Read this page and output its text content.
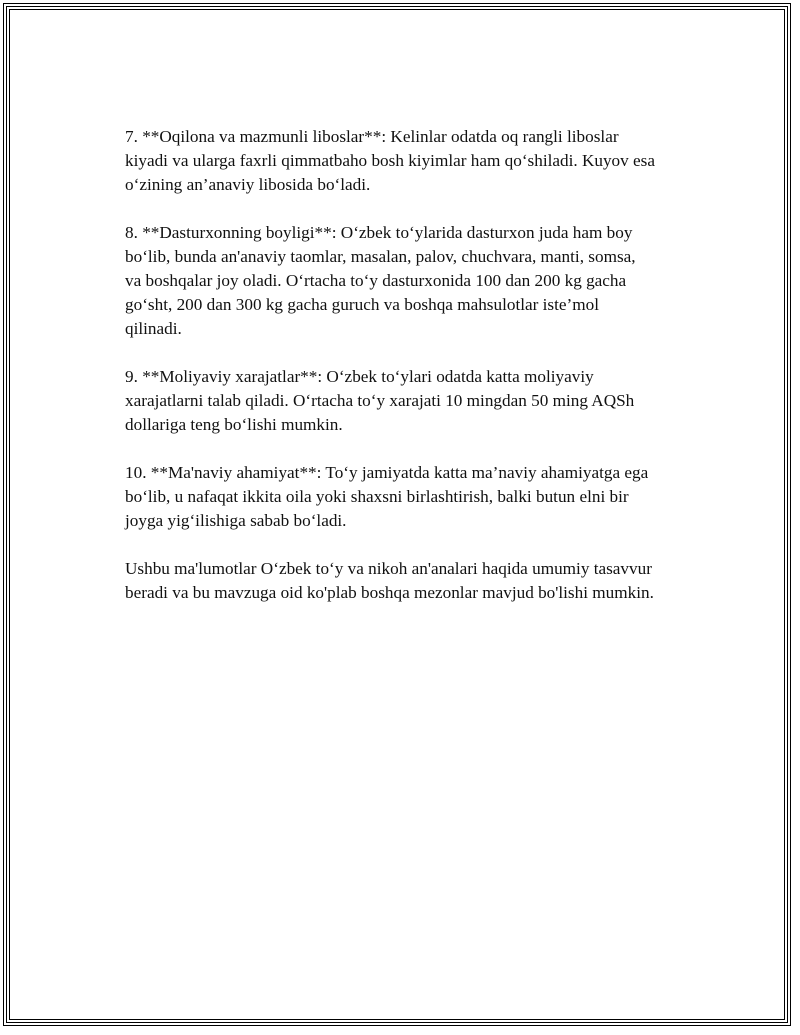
7. **Oqilona va mazmunli liboslar**: Kelinlar odatda oq rangli liboslar
kiyadi va ularga faxrli qimmatbaho bosh kiyimlar ham qo‘shiladi. Kuyov esa
o‘zining an’anaviy libosida bo‘ladi.

8. **Dasturxonning boyligi**: O‘zbek to‘ylarida dasturxon juda ham boy
bo‘lib, bunda an'anaviy taomlar, masalan, palov, chuchvara, manti, somsa,
va boshqalar joy oladi. O‘rtacha to‘y dasturxonida 100 dan 200 kg gacha
go‘sht, 200 dan 300 kg gacha guruch va boshqa mahsulotlar iste’mol
qilinadi.

9. **Moliyaviy xarajatlar**: O‘zbek to‘ylari odatda katta moliyaviy
xarajatlarni talab qiladi. O‘rtacha to‘y xarajati 10 mingdan 50 ming AQSh
dollariga teng bo‘lishi mumkin.

10. **Ma'naviy ahamiyat**: To‘y jamiyatda katta ma’naviy ahamiyatga ega
bo‘lib, u nafaqat ikkita oila yoki shaxsni birlashtirish, balki butun elni bir
joyga yig‘ilishiga sabab bo‘ladi.

Ushbu ma'lumotlar O‘zbek to‘y va nikoh an'analari haqida umumiy tasavvur
beradi va bu mavzuga oid ko'plab boshqa mezonlar mavjud bo'lishi mumkin.
